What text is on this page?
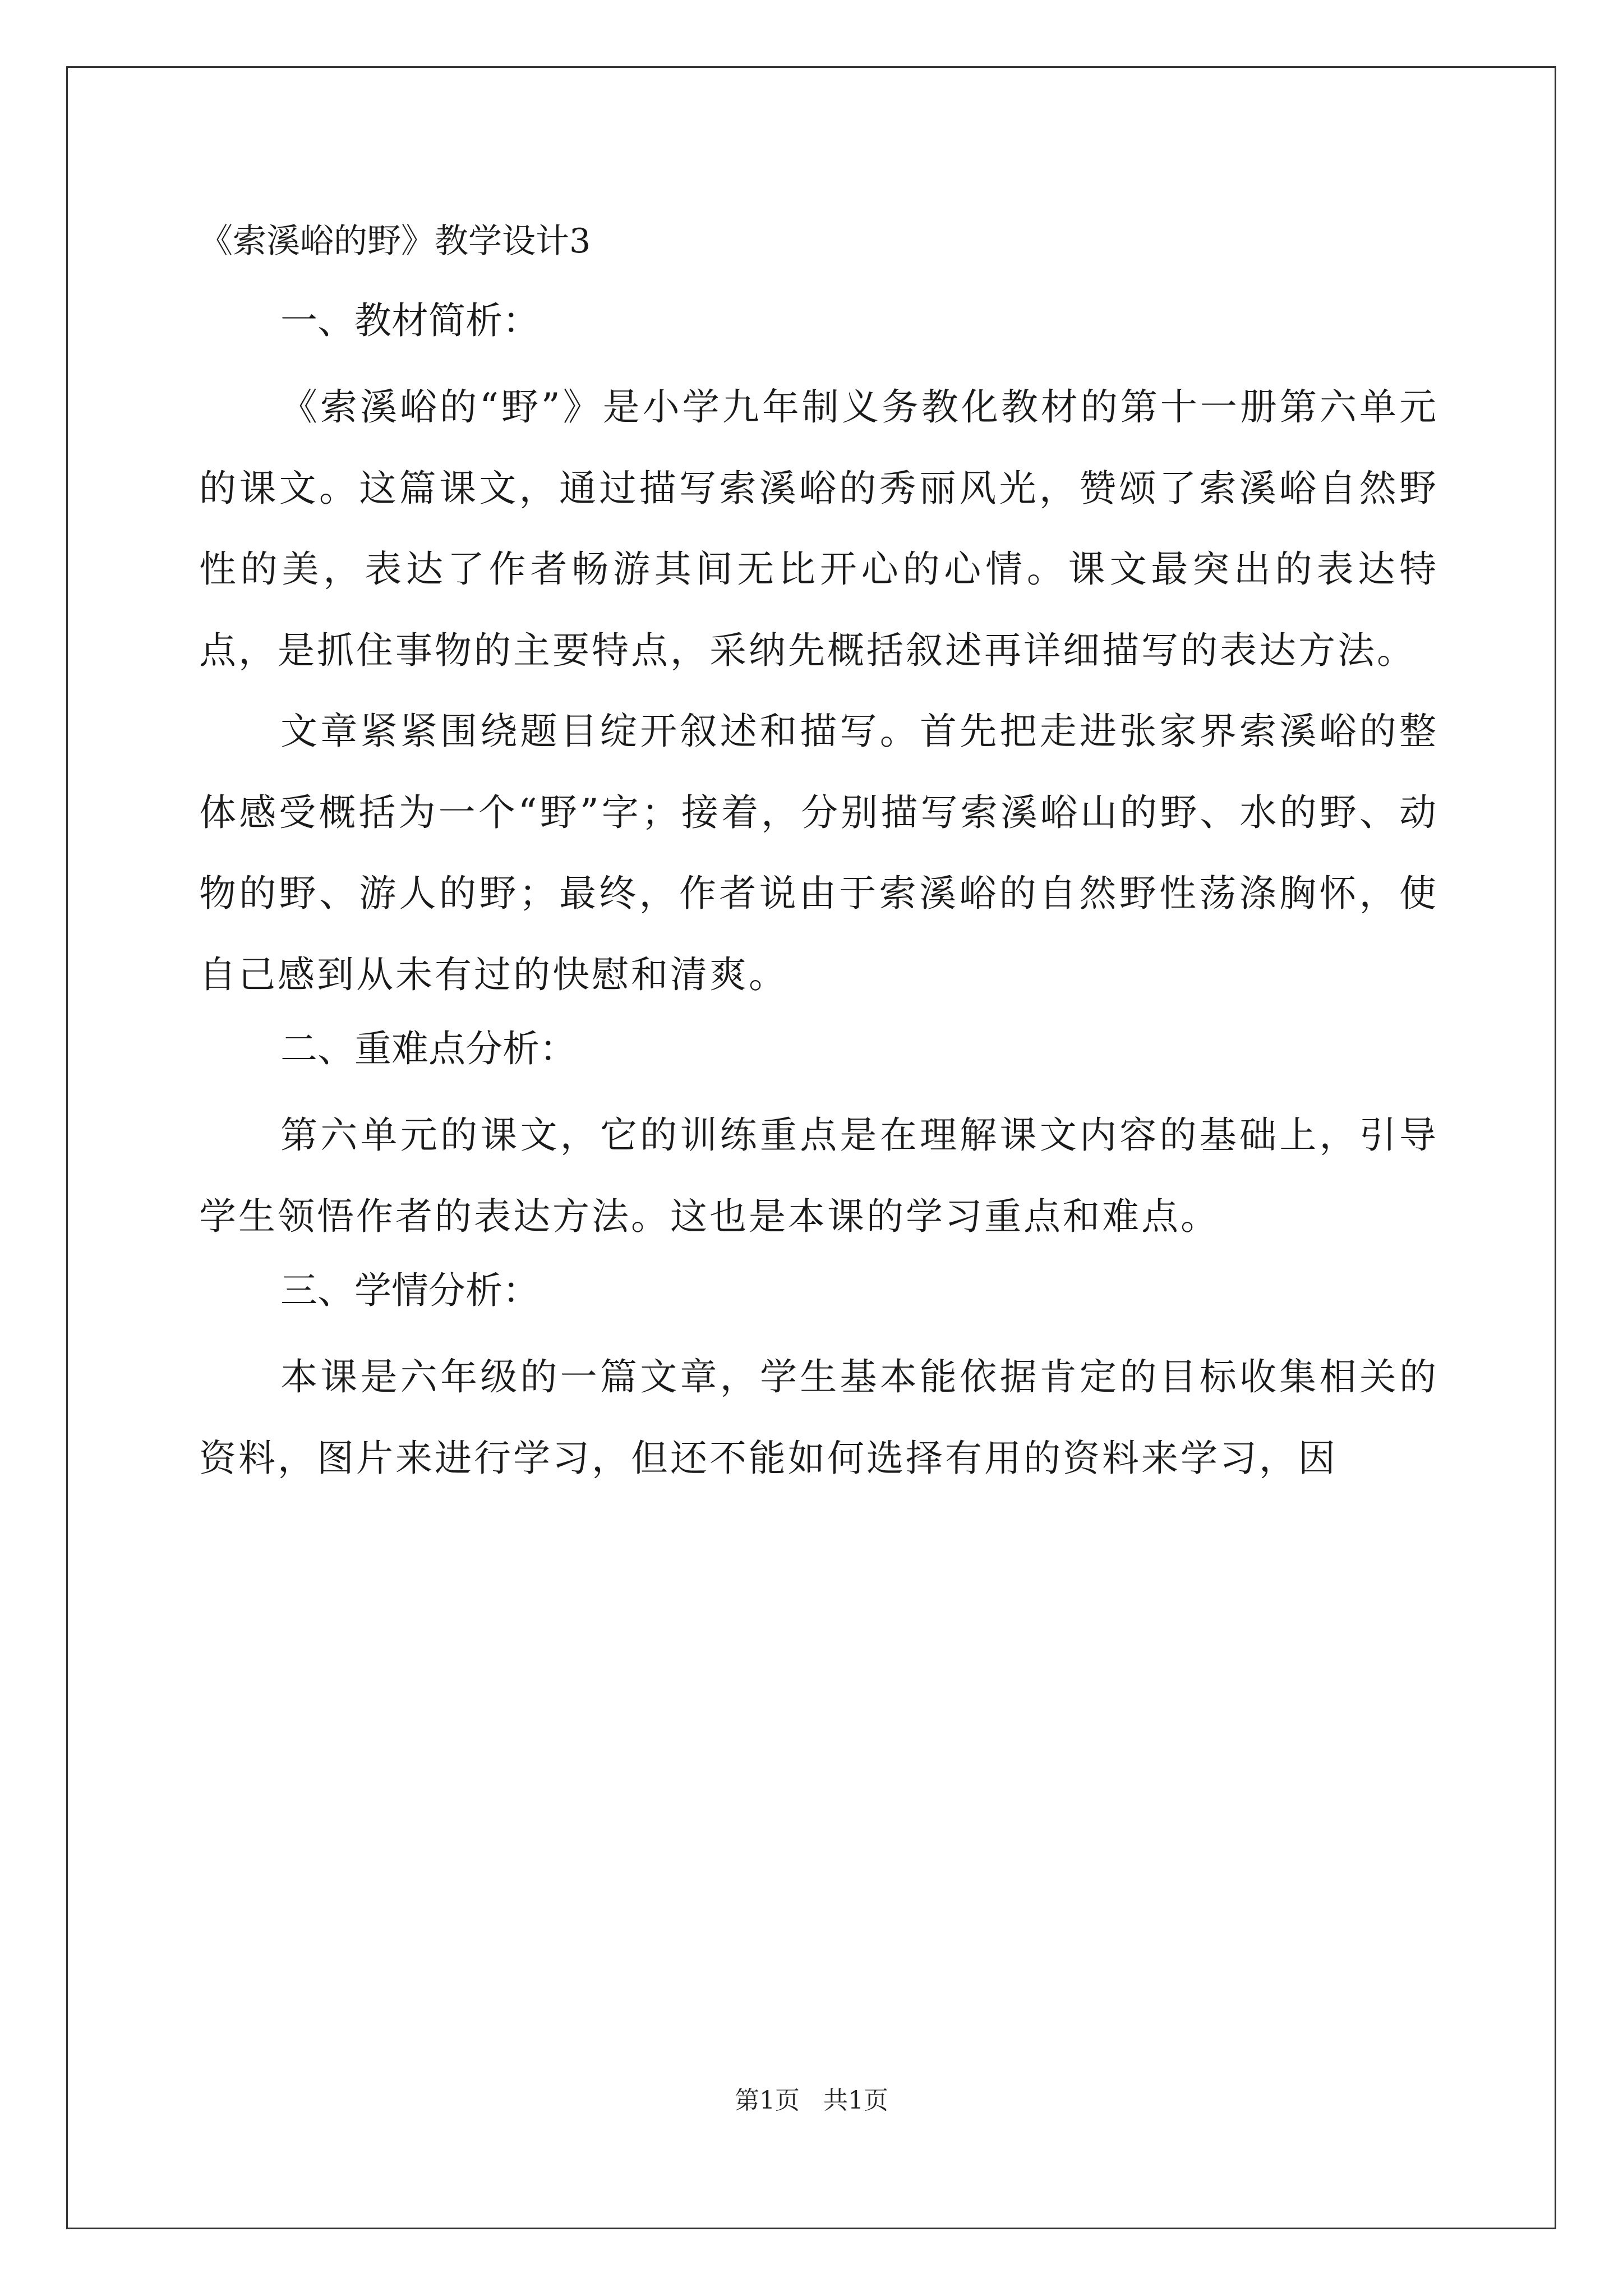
《索溪峪的野》教学设计3
一、教材简析：

《索溪峪的“野”》是小学九年制义务教化教材的第十一册第六单元的课文。这篇课文，通过描写索溪峪的秀丽风光，赞颂了索溪峪自然野性的美，表达了作者畅游其间无比开心的心情。课文最突出的表达特点，是抓住事物的主要特点，采纳先概括叙述再详细描写的表达方法。

文章紧紧围绕题目绽开叙述和描写。首先把走进张家界索溪峪的整体感受概括为一个“野”字；接着，分别描写索溪峪山的野、水的野、动物的野、游人的野；最终，作者说由于索溪峪的自然野性荡涤胸怀，使自己感到从未有过的快慰和清爽。

二、重难点分析：

第六单元的课文，它的训练重点是在理解课文内容的基础上，引导学生领悟作者的表达方法。这也是本课的学习重点和难点。

三、学情分析：

本课是六年级的一篇文章，学生基本能依据肯定的目标收集相关的资料，图片来进行学习，但还不能如何选择有用的资料来学习，因

第1页   共1页
